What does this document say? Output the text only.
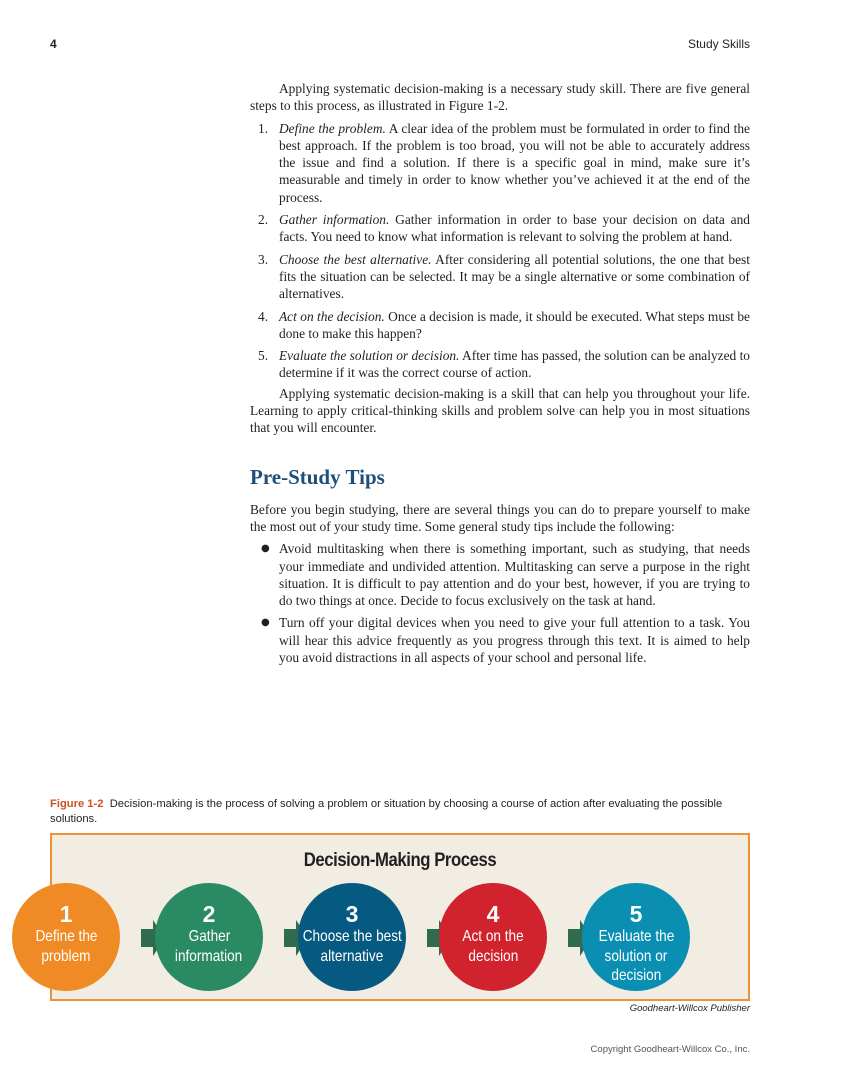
4	Study Skills

Applying systematic decision-making is a necessary study skill. There are five general steps to this process, as illustrated in Figure 1-2.

1. Define the problem. A clear idea of the problem must be formulated in order to find the best approach. If the problem is too broad, you will not be able to accurately address the issue and find a solution. If there is a specific goal in mind, make sure it’s measurable and timely in order to know whether you’ve achieved it at the end of the process.
2. Gather information. Gather information in order to base your decision on data and facts. You need to know what information is relevant to solving the problem at hand.
3. Choose the best alternative. After considering all potential solutions, the one that best fits the situation can be selected. It may be a single alternative or some combination of alternatives.
4. Act on the decision. Once a decision is made, it should be executed. What steps must be done to make this happen?
5. Evaluate the solution or decision. After time has passed, the solution can be analyzed to determine if it was the correct course of action.

Applying systematic decision-making is a skill that can help you throughout your life. Learning to apply critical-thinking skills and problem solve can help you in most situations that you will encounter.

Pre-Study Tips

Before you begin studying, there are several things you can do to prepare yourself to make the most out of your study time. Some general study tips include the following:

● Avoid multitasking when there is something important, such as studying, that needs your immediate and undivided attention. Multitasking can serve a purpose in the right situation. It is difficult to pay attention and do your best, however, if you are trying to do two things at once. Decide to focus exclusively on the task at hand.
● Turn off your digital devices when you need to give your full attention to a task. You will hear this advice frequently as you progress through this text. It is aimed to help you avoid distractions in all aspects of your school and personal life.
Figure 1-2 Decision-making is the process of solving a problem or situation by choosing a course of action after evaluating the possible solutions.
Decision-Making Process
1
Define the
problem
2
Gather
information
3
Choose the best
alternative
4
Act on the
decision
5
Evaluate the
solution or
decision
Goodheart-Willcox Publisher
Copyright Goodheart-Willcox Co., Inc.
